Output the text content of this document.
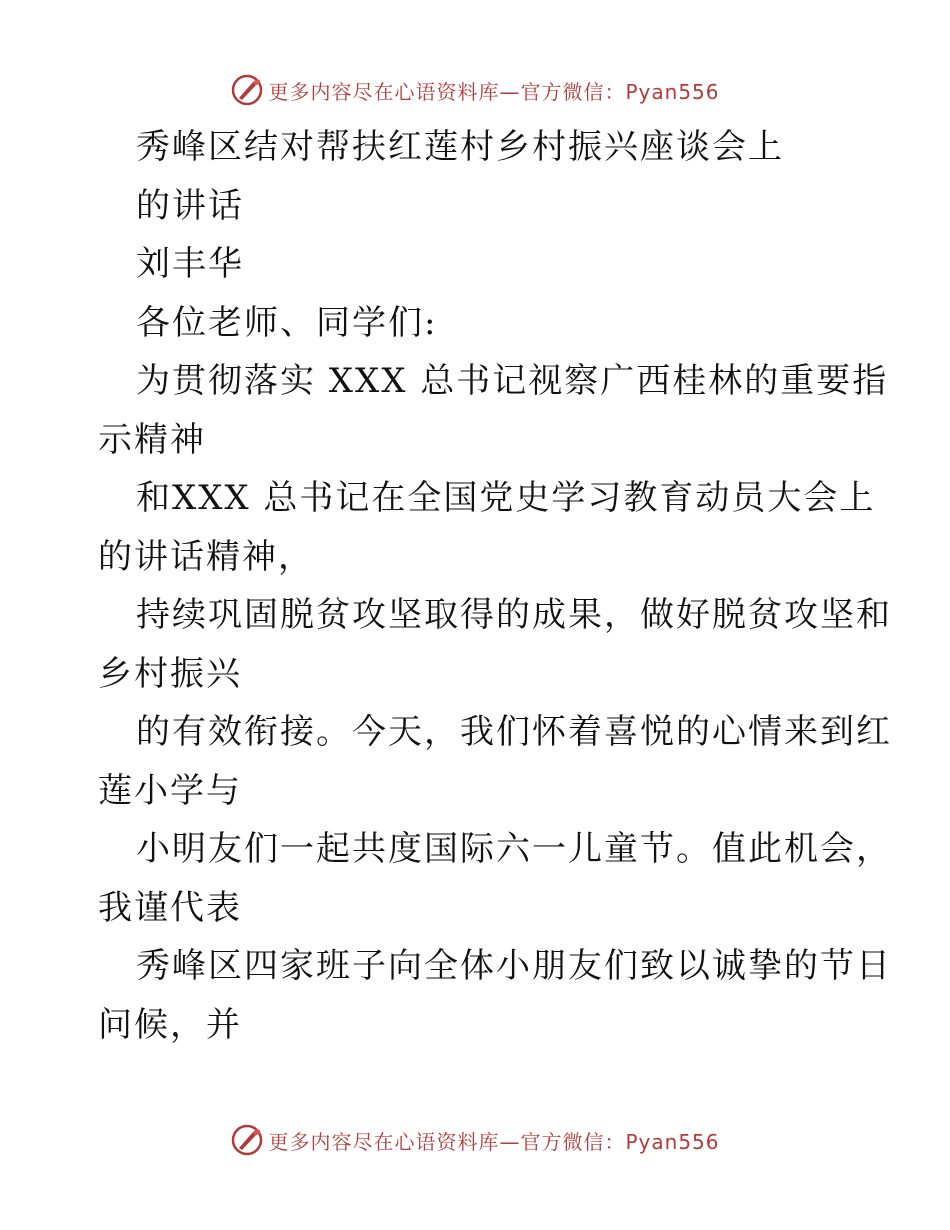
更多内容尽在心语资料库—官方微信：Pyan556
秀峰区结对帮扶红莲村乡村振兴座谈会上
的讲话
刘丰华
各位老师、同学们:
为贯彻落实 XXX 总书记视察广西桂林的重要指
示精神
和XXX 总书记在全国党史学习教育动员大会上
的讲话精神，
持续巩固脱贫攻坚取得的成果，做好脱贫攻坚和
乡村振兴
的有效衔接。今天，我们怀着喜悦的心情来到红
莲小学与
小明友们一起共度国际六一儿童节。值此机会，
我谨代表
秀峰区四家班子向全体小朋友们致以诚挚的节日
问候，并
更多内容尽在心语资料库—官方微信：Pyan556
